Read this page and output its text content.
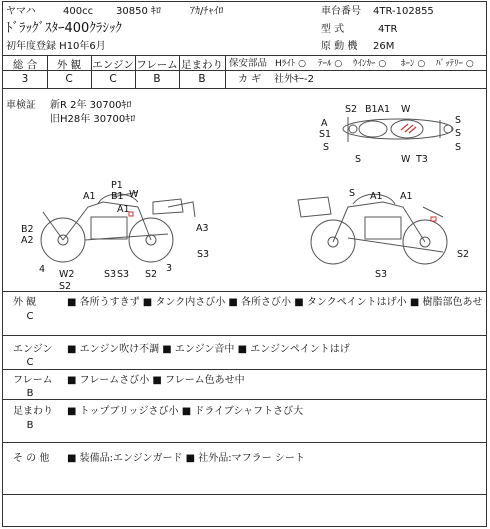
ヤマハ	400cc 30850 ｷﾛ	ｱｶ/ﾁｬｲﾛ
ﾄﾞﾗｯｸﾞｽﾀｰ400ｸﾗｼｯｸ
初年度登録 H10年6月
車台番号 4TR-102855
型 式	4TR
原 動 機 26M
総 合	外 観	エンジン フレーム 足まわり
3	C	C	B	B
保安部品 Hﾗｲﾄ ○ ﾃｰﾙ ○ ｳｲﾝｶｰ ○ ﾎｰﾝ ○ ﾊﾞｯﾃﾘｰ ○
カ ギ 社外ｷｰ-2
車検証 新R 2年 30700ｷﾛ
旧H28年 30700ｷﾛ
S2 B1A1 W
A
S1
S
S	W T3
S
S
S
P1
B1 W
A1
A1
B2
A2
A3
S3
4 W2
S2
S3 S3 S2
3
S A1 A1
S3
S2
外 観
C
■ 各所うすきず ■ タンク内さび小 ■ 各所さび小 ■ タンクペイントはげ小 ■ 樹脂部色あせ
エンジン
C
■ エンジン吹け不調 ■ エンジン音中 ■ エンジンペイントはげ
フレーム
B
■ フレームさび小 ■ フレーム色あせ中
足まわり
B
■ トップブリッジさび小 ■ ドライブシャフトさび大
そ の 他 ■ 装備品:エンジンガード ■ 社外品:マフラー シート
